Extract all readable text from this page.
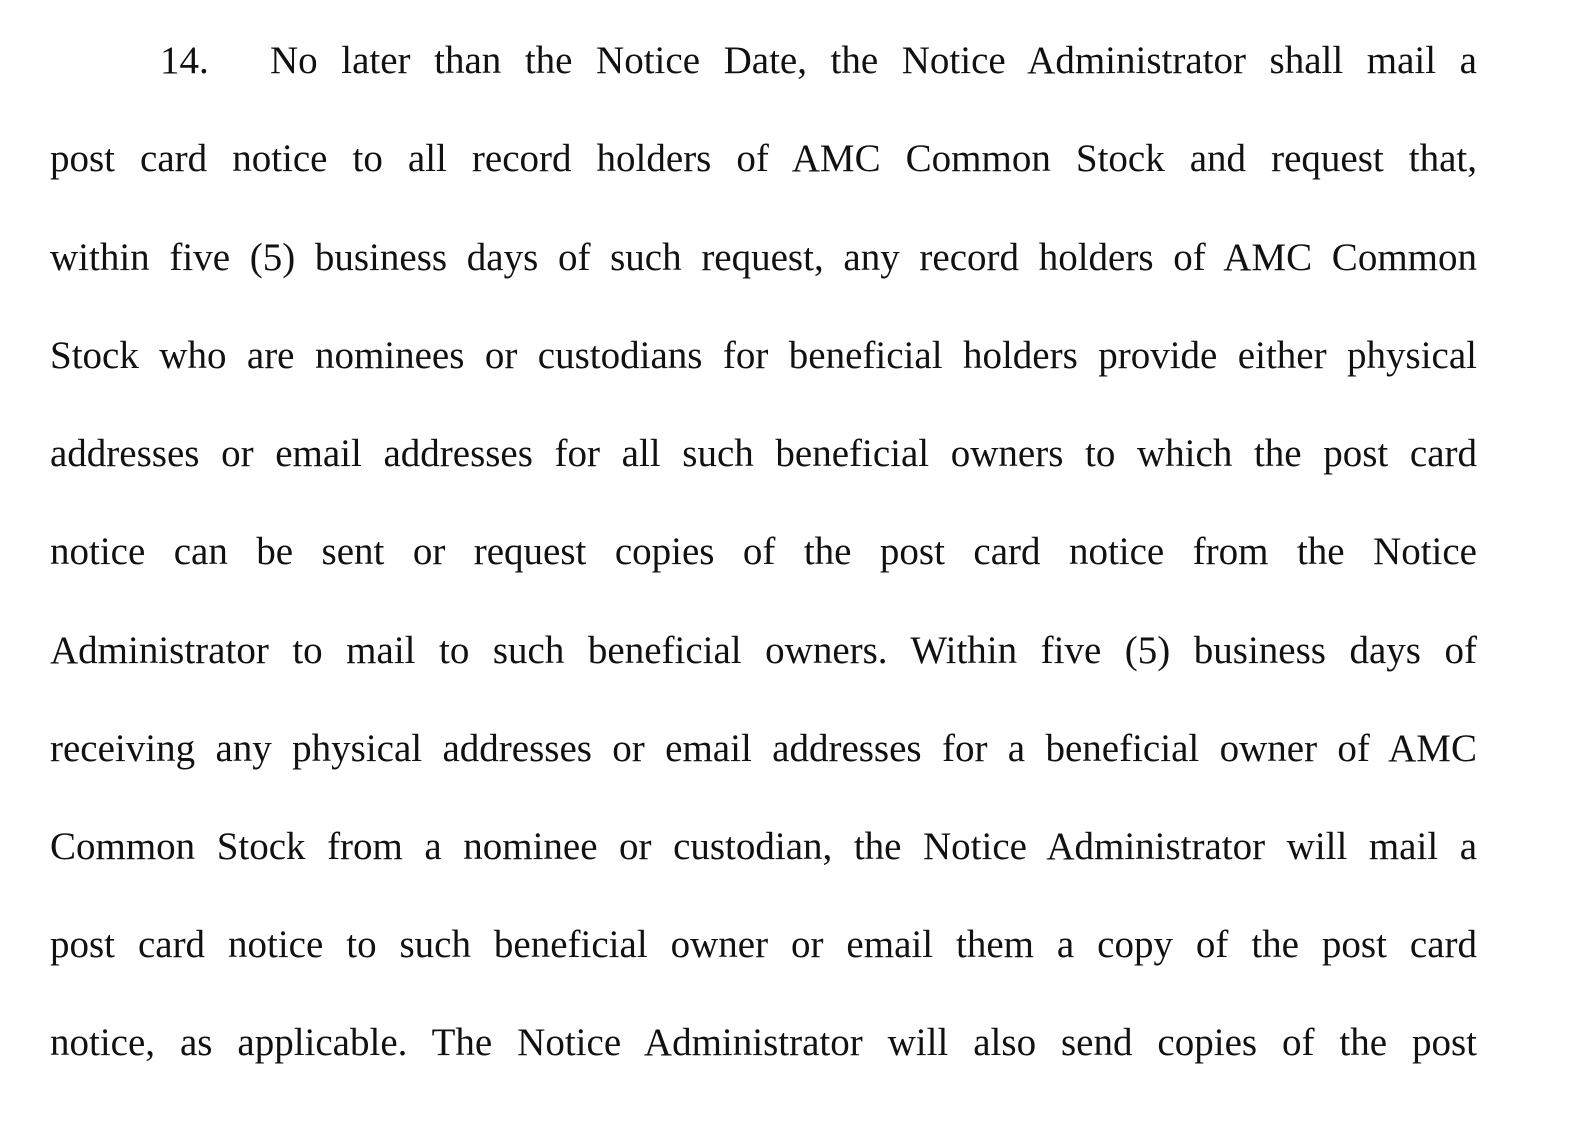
14. No later than the Notice Date, the Notice Administrator shall mail a
post card notice to all record holders of AMC Common Stock and request that,
within five (5) business days of such request, any record holders of AMC Common
Stock who are nominees or custodians for beneficial holders provide either physical
addresses or email addresses for all such beneficial owners to which the post card
notice can be sent or request copies of the post card notice from the Notice
Administrator to mail to such beneficial owners. Within five (5) business days of
receiving any physical addresses or email addresses for a beneficial owner of AMC
Common Stock from a nominee or custodian, the Notice Administrator will mail a
post card notice to such beneficial owner or email them a copy of the post card
notice, as applicable. The Notice Administrator will also send copies of the post
